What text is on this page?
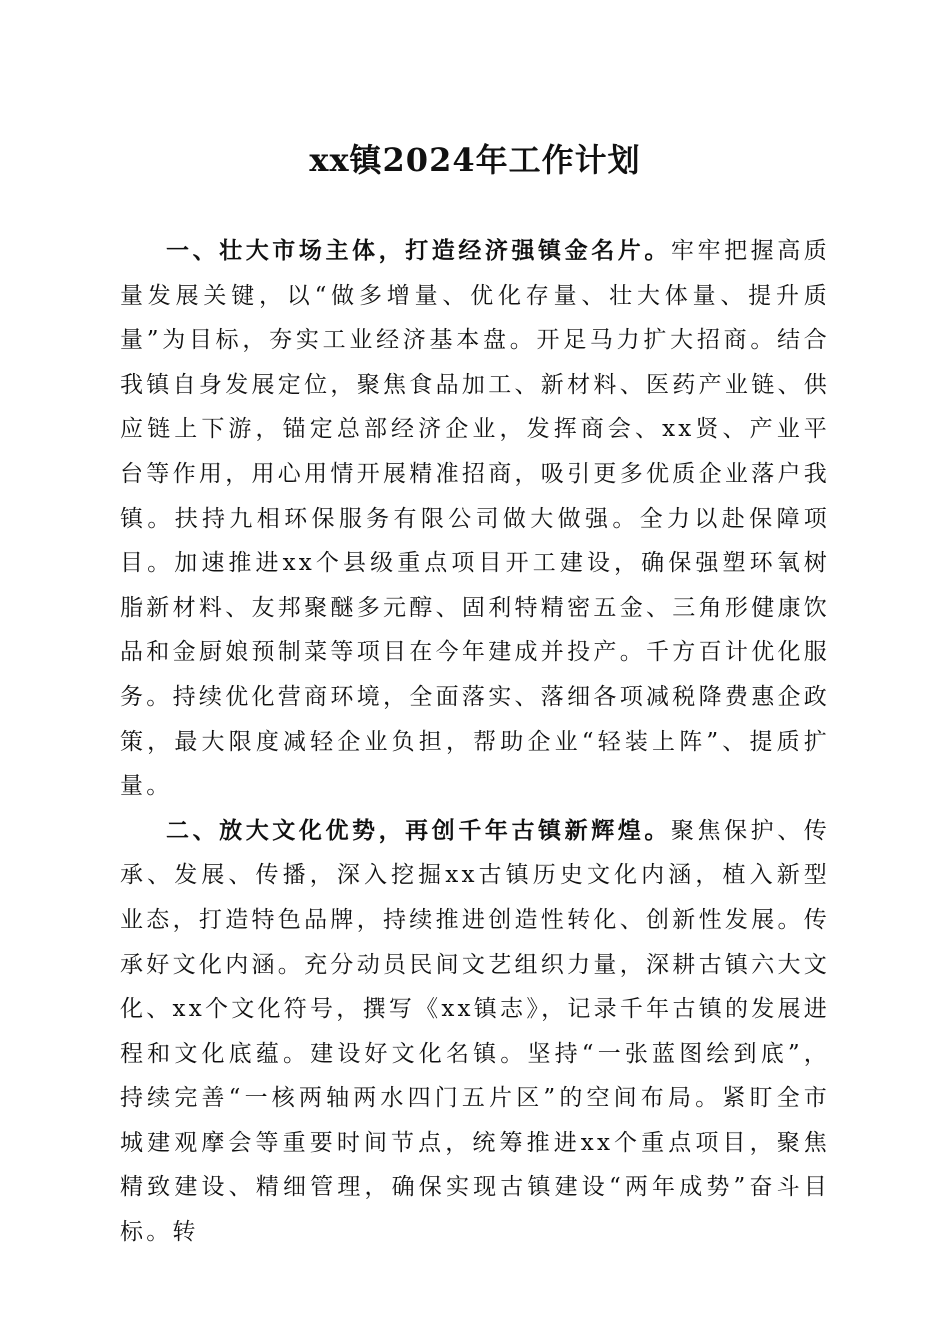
xx镇2024年工作计划

一、壮大市场主体，打造经济强镇金名片。牢牢把握高质量发展关键，以“做多增量、优化存量、壮大体量、提升质量”为目标，夯实工业经济基本盘。开足马力扩大招商。结合我镇自身发展定位，聚焦食品加工、新材料、医药产业链、供应链上下游，锚定总部经济企业，发挥商会、xx贤、产业平台等作用，用心用情开展精准招商，吸引更多优质企业落户我镇。扶持九相环保服务有限公司做大做强。全力以赴保障项目。加速推进xx个县级重点项目开工建设，确保强塑环氧树脂新材料、友邦聚醚多元醇、固利特精密五金、三角形健康饮品和金厨娘预制菜等项目在今年建成并投产。千方百计优化服务。持续优化营商环境，全面落实、落细各项减税降费惠企政策，最大限度减轻企业负担，帮助企业“轻装上阵”、提质扩量。

二、放大文化优势，再创千年古镇新辉煌。聚焦保护、传承、发展、传播，深入挖掘xx古镇历史文化内涵，植入新型业态，打造特色品牌，持续推进创造性转化、创新性发展。传承好文化内涵。充分动员民间文艺组织力量，深耕古镇六大文化、xx个文化符号，撰写《xx镇志》，记录千年古镇的发展进程和文化底蕴。建设好文化名镇。坚持“一张蓝图绘到底”，持续完善“一核两轴两水四门五片区”的空间布局。紧盯全市城建观摩会等重要时间节点，统筹推进xx个重点项目，聚焦精致建设、精细管理，确保实现古镇建设“两年成势”奋斗目标。转
